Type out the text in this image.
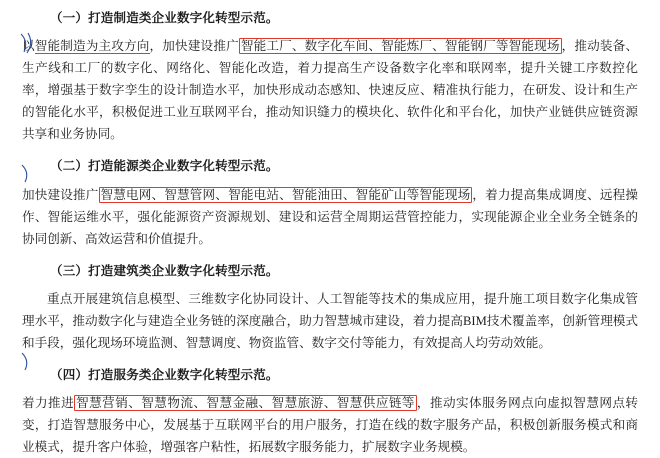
（一）打造制造类企业数字化转型示范。
以智能制造为主攻方向，加快建设推广 智能工厂、数字化车间、智能炼厂、智能钢厂等智能现场 ，推动装备、生产线和工厂的数字化、网络化、智能化改造，着力提高生产设备数字化率和联网率，提升关键工序数控化率，增强基于数字孪生的设计制造水平，加快形成动态感知、快速反应、精准执行能力，在研发、设计和生产的智能化水平，积极促进工业互联网平台，推动知识缝力的模块化、软件化和平台化，加快产业链供应链资源共享和业务协同。
（二）打造能源类企业数字化转型示范。
加快建设推广 智慧电网、智慧管网、智能电站、智能油田、智能矿山等智能现场 ，着力提高集成调度、远程操作、智能运维水平，强化能源资产资源规划、建设和运营全周期运营管控能力，实现能源企业全业务全链条的协同创新、高效运营和价值提升。
（三）打造建筑类企业数字化转型示范。
重点开展建筑信息模型、三维数字化协同设计、人工智能等技术的集成应用，提升施工项目数字化集成管理水平，推动数字化与建造全业务链的深度融合，助力智慧城市建设，着力提高BIM技术覆盖率，创新管理模式和手段，强化现场环境监测、智慧调度、物资监管、数字交付等能力，有效提高人均劳动效能。
（四）打造服务类企业数字化转型示范。
着力推进 智慧营销、智慧物流、智慧金融、智慧旅游、智慧供应链等 ，推动实体服务网点向虚拟智慧网点转变，打造智慧服务中心，发展基于互联网平台的用户服务，打造在线的数字服务产品，积极创新服务模式和商业模式，提升客户体验，增强客户粘性，拓展数字服务能力，扩展数字业务规模。
